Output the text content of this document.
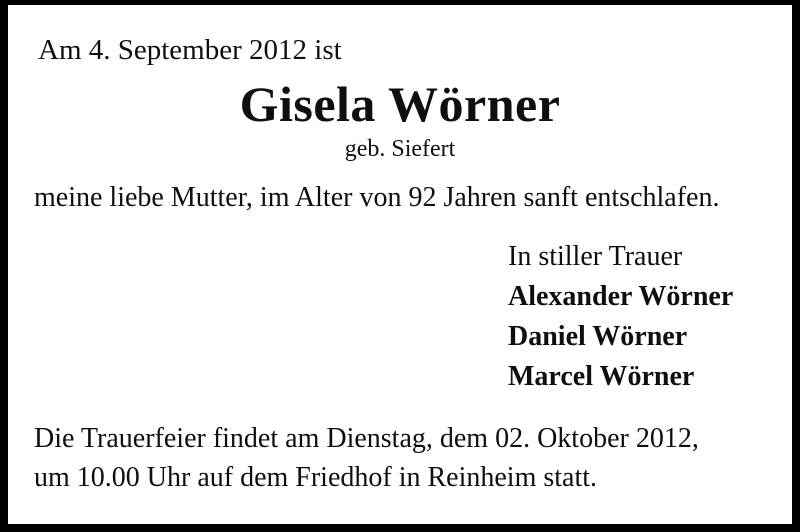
Am 4. September 2012 ist

Gisela Wörner

geb. Siefert

meine liebe Mutter, im Alter von 92 Jahren sanft entschlafen.

In stiller Trauer
Alexander Wörner
Daniel Wörner
Marcel Wörner
Die Trauerfeier findet am Dienstag, dem 02. Oktober 2012,
um 10.00 Uhr auf dem Friedhof in Reinheim statt.
